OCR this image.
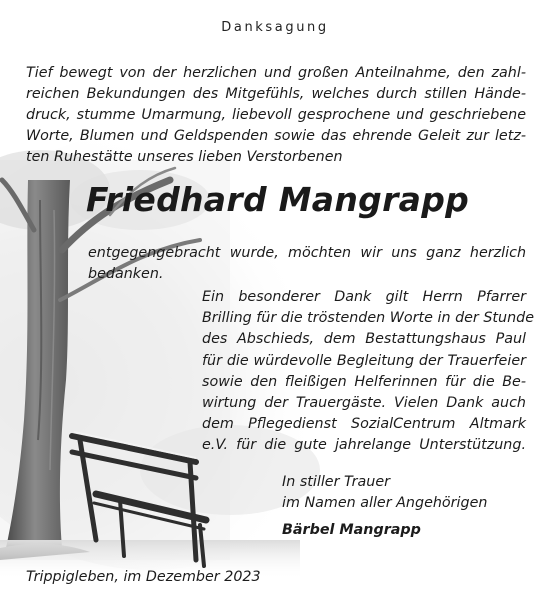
Danksagung
Tief bewegt von der herzlichen und großen Anteilnahme, den zahl-
reichen Bekundungen des Mitgefühls, welches durch stillen Hände-
druck, stumme Umarmung, liebevoll gesprochene und geschriebene
Worte, Blumen und Geldspenden sowie das ehrende Geleit zur letz-
ten Ruhestätte unseres lieben Verstorbenen
Friedhard Mangrapp
entgegengebracht wurde, möchten wir uns ganz herzlich
bedanken.
Ein besonderer Dank gilt Herrn Pfarrer
Brilling für die tröstenden Worte in der Stunde
des Abschieds, dem Bestattungshaus Paul
für die würdevolle Begleitung der Trauerfeier
sowie den fleißigen Helferinnen für die Be-
wirtung der Trauergäste. Vielen Dank auch
dem Pflegedienst SozialCentrum Altmark
e.V. für die gute jahrelange Unterstützung.
In stiller Trauer
im Namen aller Angehörigen
Bärbel Mangrapp
Trippigleben, im Dezember 2023
